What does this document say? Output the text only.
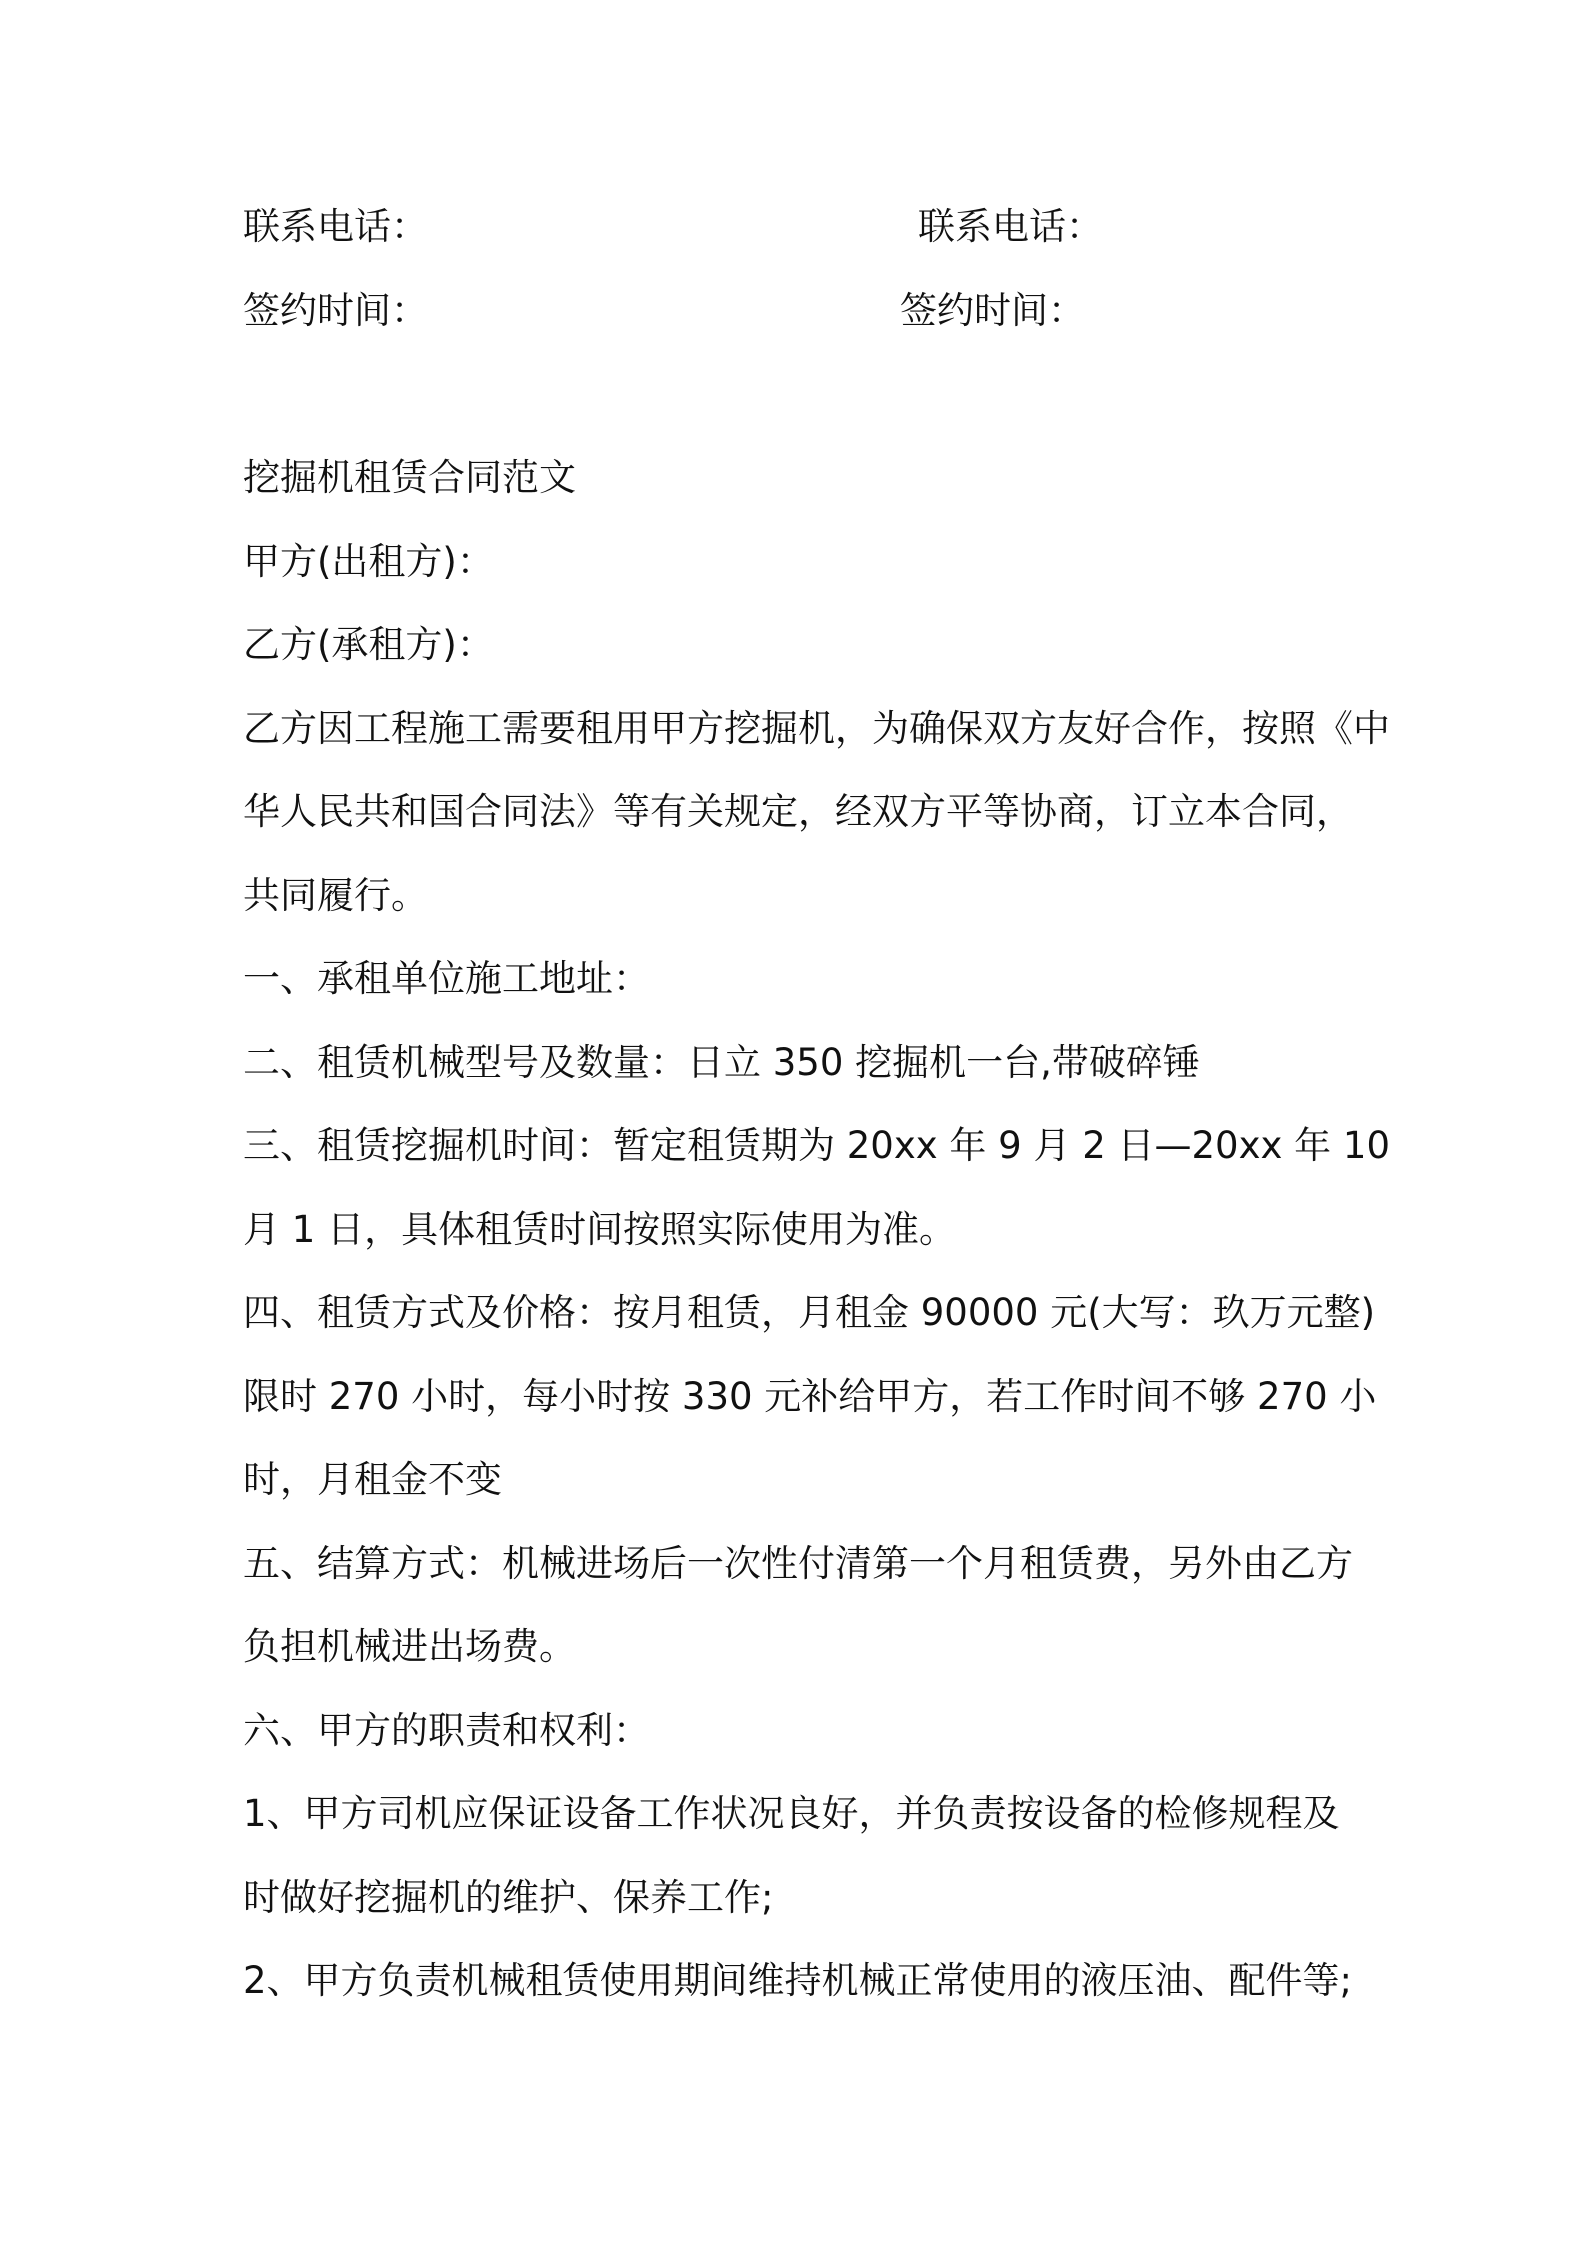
联系电话：	联系电话：

签约时间：	签约时间：

挖掘机租赁合同范文

甲方(出租方)：

乙方(承租方)：

乙方因工程施工需要租用甲方挖掘机，为确保双方友好合作，按照《中

华人民共和国合同法》等有关规定，经双方平等协商，订立本合同，

共同履行。

一、承租单位施工地址：

二、租赁机械型号及数量：日立 350 挖掘机一台,带破碎锤

三、租赁挖掘机时间：暂定租赁期为 20xx 年 9 月 2 日—20xx 年 10

月 1 日，具体租赁时间按照实际使用为准。

四、租赁方式及价格：按月租赁，月租金 90000 元(大写：玖万元整)

限时 270 小时，每小时按 330 元补给甲方，若工作时间不够 270 小

时，月租金不变

五、结算方式：机械进场后一次性付清第一个月租赁费，另外由乙方

负担机械进出场费。

六、甲方的职责和权利：

1、甲方司机应保证设备工作状况良好，并负责按设备的检修规程及

时做好挖掘机的维护、保养工作;

2、甲方负责机械租赁使用期间维持机械正常使用的液压油、配件等;
